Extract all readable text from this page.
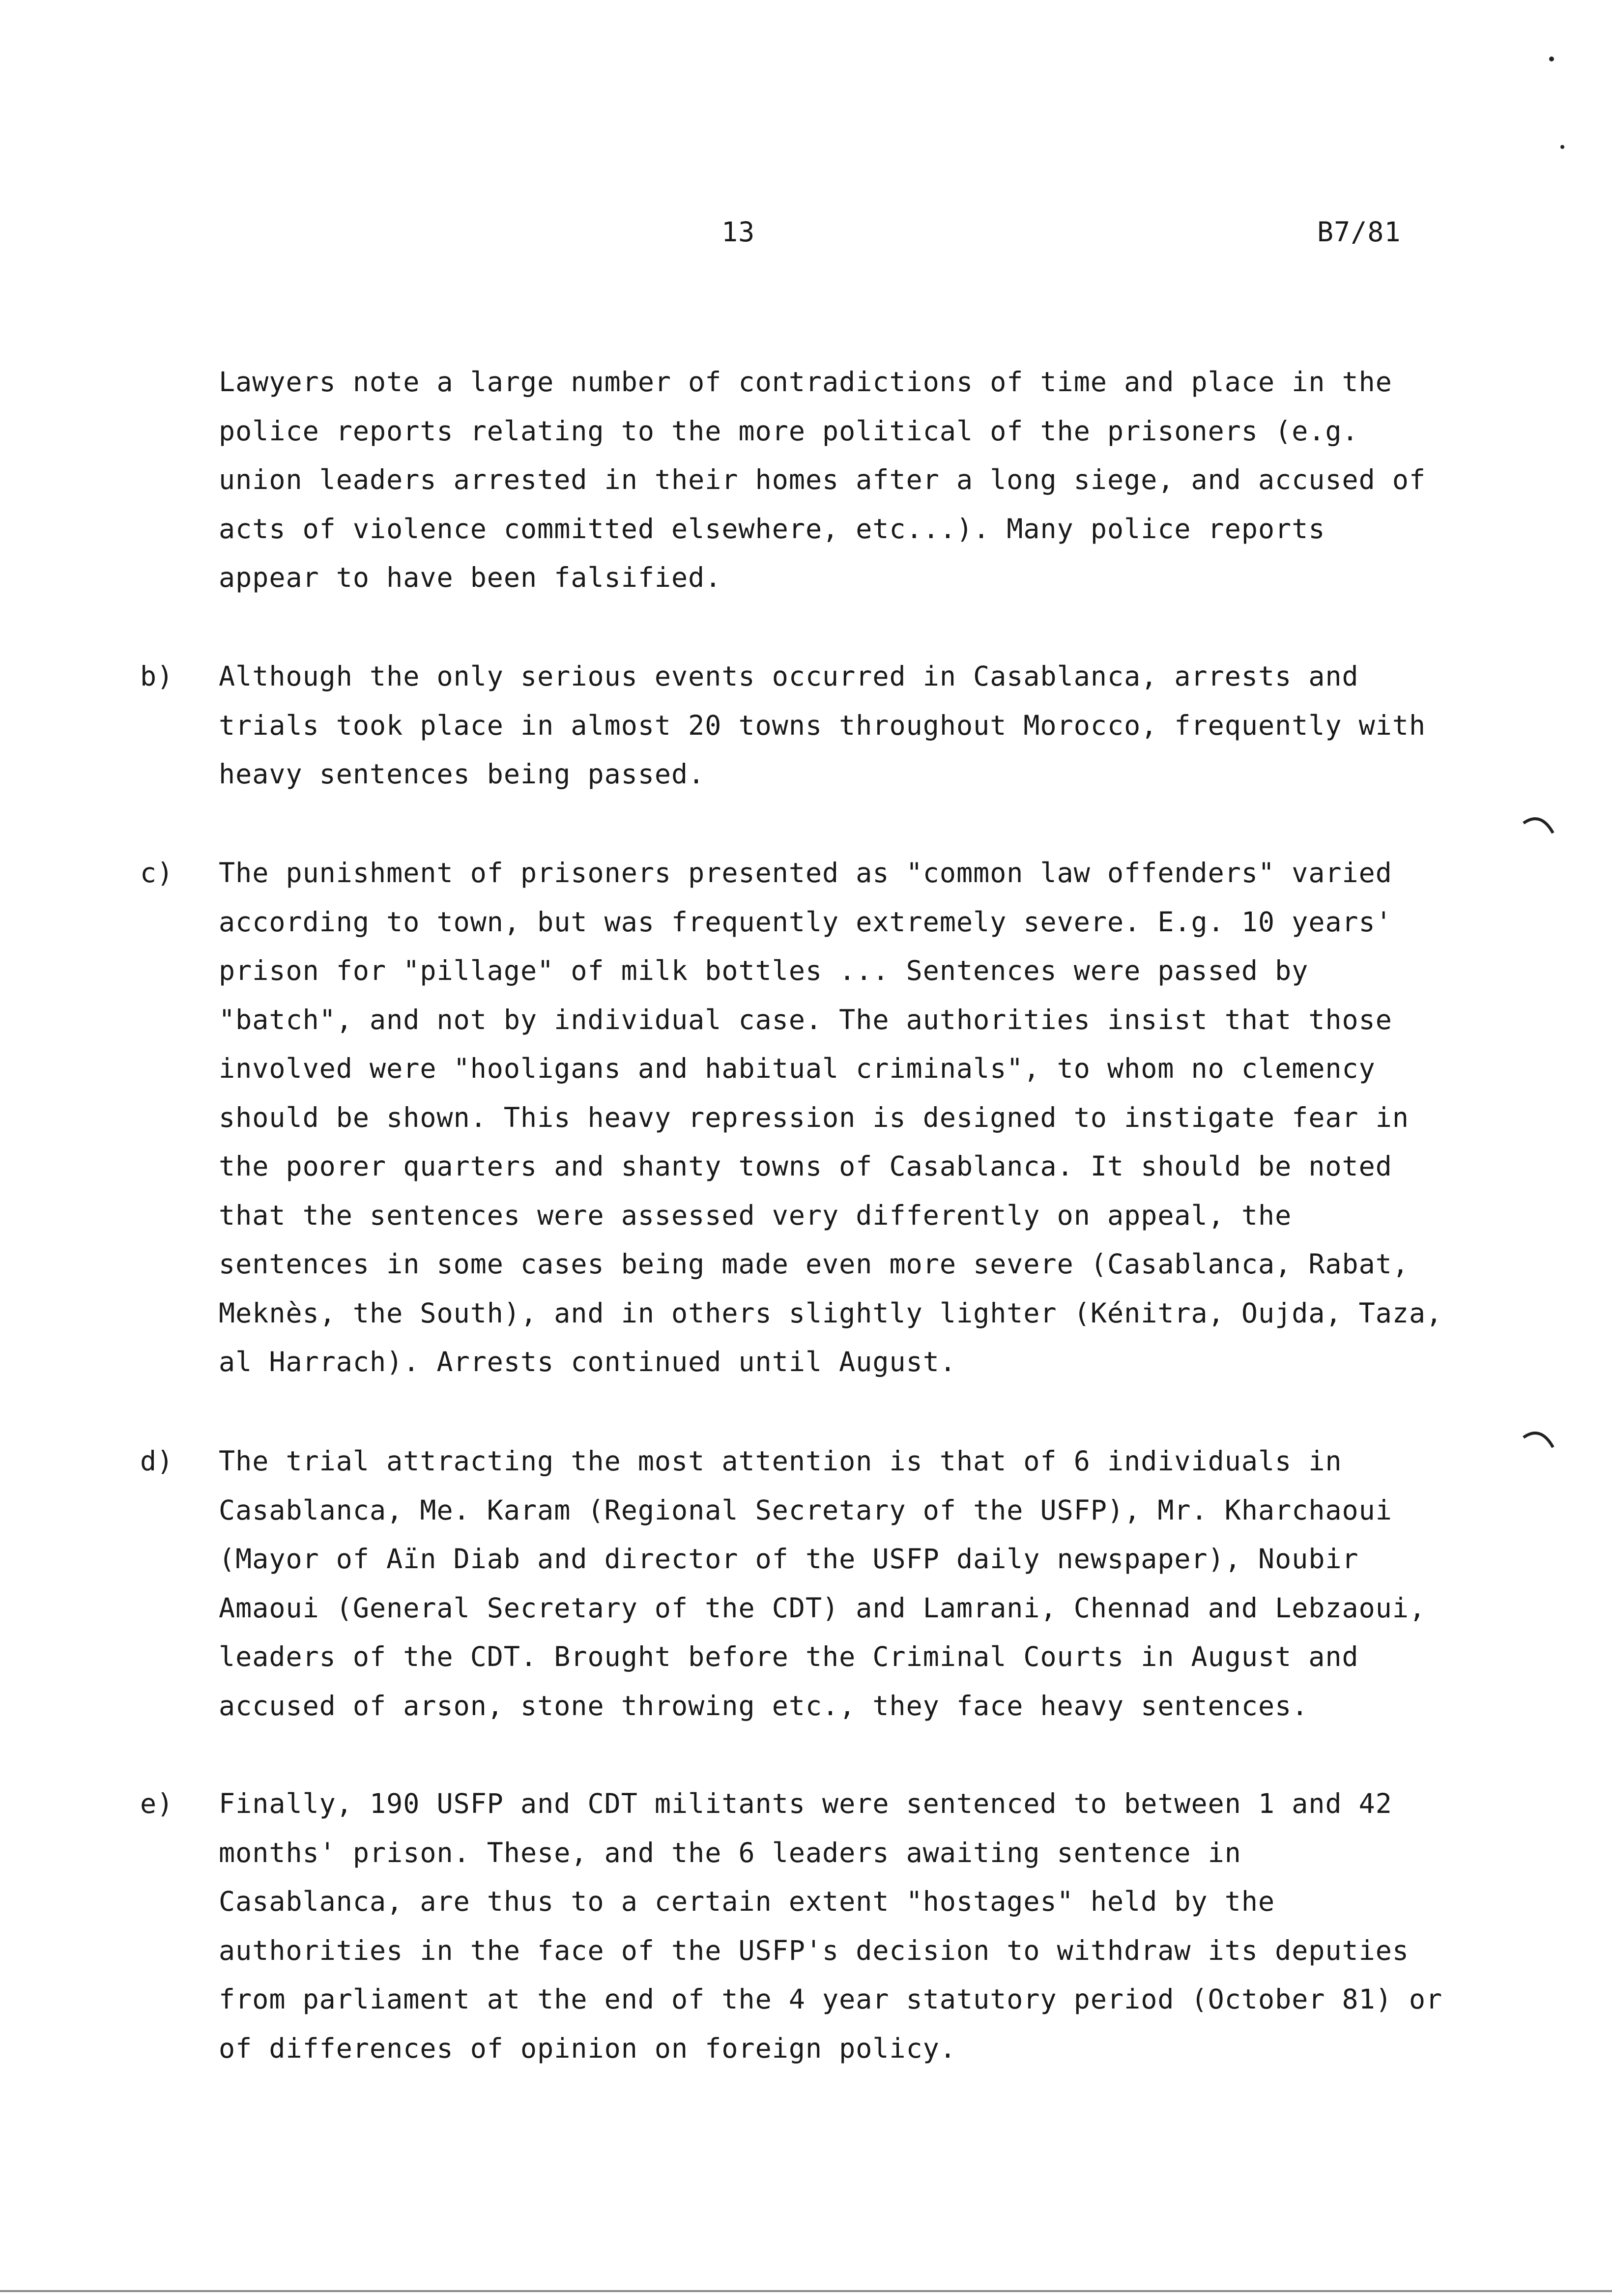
13	B7/81
Lawyers note a large number of contradictions of time and place in the
police reports relating to the more political of the prisoners (e.g.
union leaders arrested in their homes after a long siege, and accused of
acts of violence committed elsewhere, etc...). Many police reports
appear to have been falsified.
b) Although the only serious events occurred in Casablanca, arrests and
trials took place in almost 20 towns throughout Morocco, frequently with
heavy sentences being passed.
c) The punishment of prisoners presented as "common law offenders" varied
according to town, but was frequently extremely severe. E.g. 10 years'
prison for "pillage" of milk bottles ... Sentences were passed by
"batch", and not by individual case. The authorities insist that those
involved were "hooligans and habitual criminals", to whom no clemency
should be shown. This heavy repression is designed to instigate fear in
the poorer quarters and shanty towns of Casablanca. It should be noted
that the sentences were assessed very differently on appeal, the
sentences in some cases being made even more severe (Casablanca, Rabat,
Meknès, the South), and in others slightly lighter (Kénitra, Oujda, Taza,
al Harrach). Arrests continued until August.
d) The trial attracting the most attention is that of 6 individuals in
Casablanca, Me. Karam (Regional Secretary of the USFP), Mr. Kharchaoui
(Mayor of Aïn Diab and director of the USFP daily newspaper), Noubir
Amaoui (General Secretary of the CDT) and Lamrani, Chennad and Lebzaoui,
leaders of the CDT. Brought before the Criminal Courts in August and
accused of arson, stone throwing etc., they face heavy sentences.
e) Finally, 190 USFP and CDT militants were sentenced to between 1 and 42
months' prison. These, and the 6 leaders awaiting sentence in
Casablanca, are thus to a certain extent "hostages" held by the
authorities in the face of the USFP's decision to withdraw its deputies
from parliament at the end of the 4 year statutory period (October 81) or
of differences of opinion on foreign policy.
